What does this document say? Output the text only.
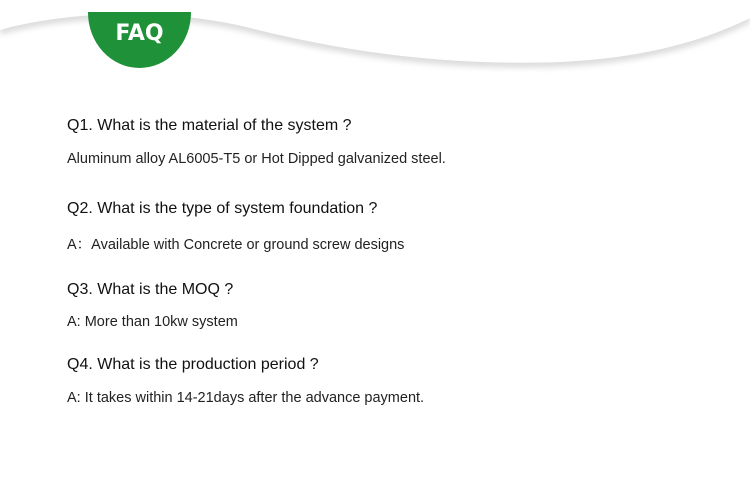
FAQ
Q1. What is the material of the system ?
Aluminum alloy AL6005-T5 or Hot Dipped galvanized steel.
Q2. What is the type of system foundation ?
A：Available with Concrete or ground screw designs
Q3. What is the MOQ ?
A: More than 10kw system
Q4. What is the production period ?
A: It takes within 14-21days after the advance payment.
